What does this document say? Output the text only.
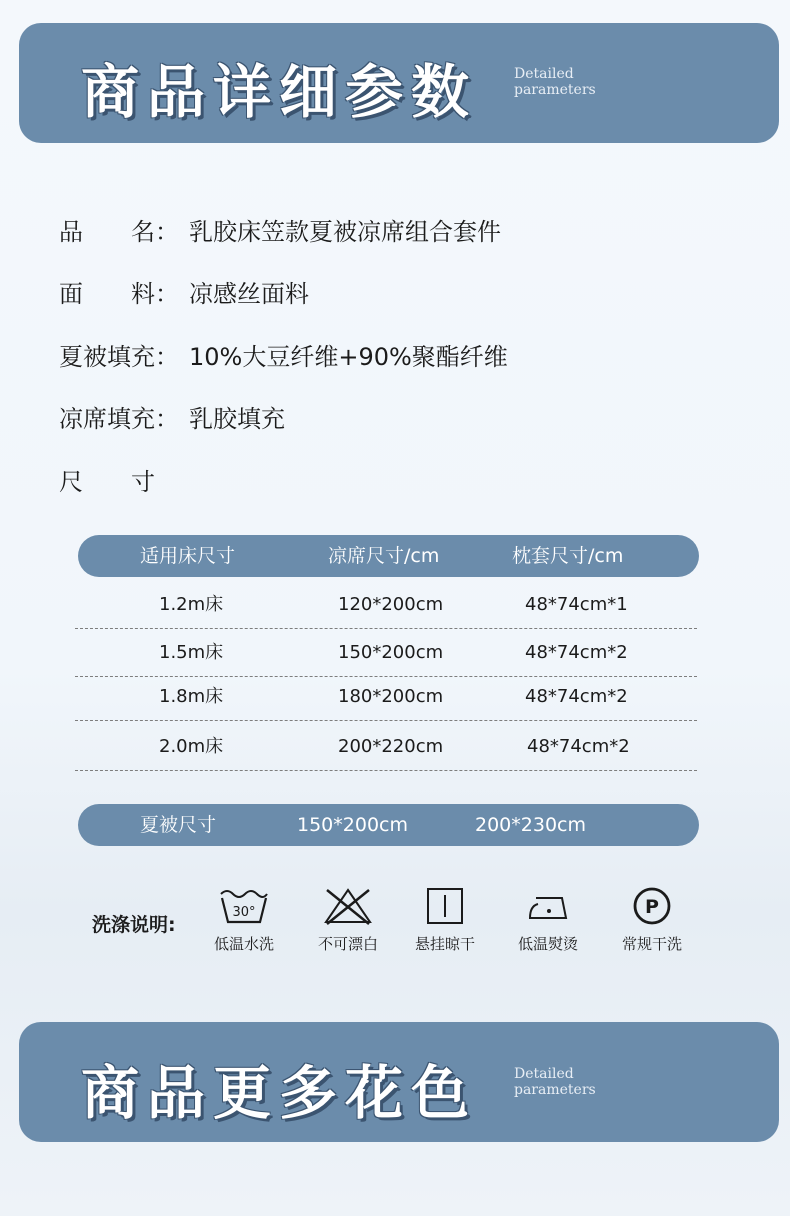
商品详细参数	Detailed
parameters
品　　名： 乳胶床笠款夏被凉席组合套件
面　　料： 凉感丝面料
夏被填充： 10%大豆纤维+90%聚酯纤维
凉席填充： 乳胶填充
尺　　寸
适用床尺寸	凉席尺寸/cm	枕套尺寸/cm
1.2m床	120*200cm	48*74cm*1
1.5m床	150*200cm	48*74cm*2
1.8m床	180*200cm	48*74cm*2
2.0m床	200*220cm	48*74cm*2
夏被尺寸	150*200cm	200*230cm
洗涤说明:
30°
低温水洗	不可漂白	悬挂晾干	低温熨烫
P
常规干洗
商品更多花色	Detailed
parameters
